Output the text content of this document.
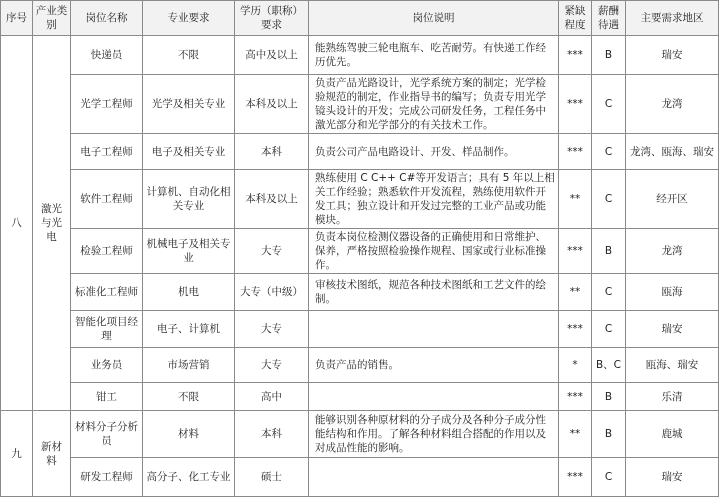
序号	产业类别	岗位名称	专业要求	学历（职称）要求	岗位说明	紧缺程度	薪酬待遇	主要需求地区
八	激光与光电	快递员	不限	高中及以上	能熟练驾驶三轮电瓶车、吃苦耐劳。有快递工作经历优先。	***	B	瑞安
		光学工程师	光学及相关专业	本科及以上	负责产品光路设计，光学系统方案的制定；光学检验规范的制定，作业指导书的编写；负责专用光学镜头设计的开发；完成公司研发任务，工程任务中激光部分和光学部分的有关技术工作。	***	C	龙湾
		电子工程师	电子及相关专业	本科	负责公司产品电路设计、开发、样品制作。	***	C	龙湾、瓯海、瑞安
		软件工程师	计算机、自动化相关专业	本科及以上	熟练使用 C C++ C#等开发语言；具有 5 年以上相关工作经验；熟悉软件开发流程，熟练使用软件开发工具；独立设计和开发过完整的工业产品或功能模块。	**	C	经开区
		检验工程师	机械电子及相关专业	大专	负责本岗位检测仪器设备的正确使用和日常维护、保养，严格按照检验操作规程、国家或行业标准操作。	***	B	龙湾
		标准化工程师	机电	大专（中级）	审核技术图纸，规范各种技术图纸和工艺文件的绘制。	**	C	瓯海
		智能化项目经理	电子、计算机	大专		***	C	瑞安
		业务员	市场营销	大专	负责产品的销售。	*	B、C	瓯海、瑞安
		钳工	不限	高中		***	B	乐清
九	新材料	材料分子分析员	材料	本科	能够识别各种原材料的分子成分及各种分子成分性能结构和作用。了解各种材料组合搭配的作用以及对成品性能的影响。	**	B	鹿城
		研发工程师	高分子、化工专业	硕士		***	C	瑞安
